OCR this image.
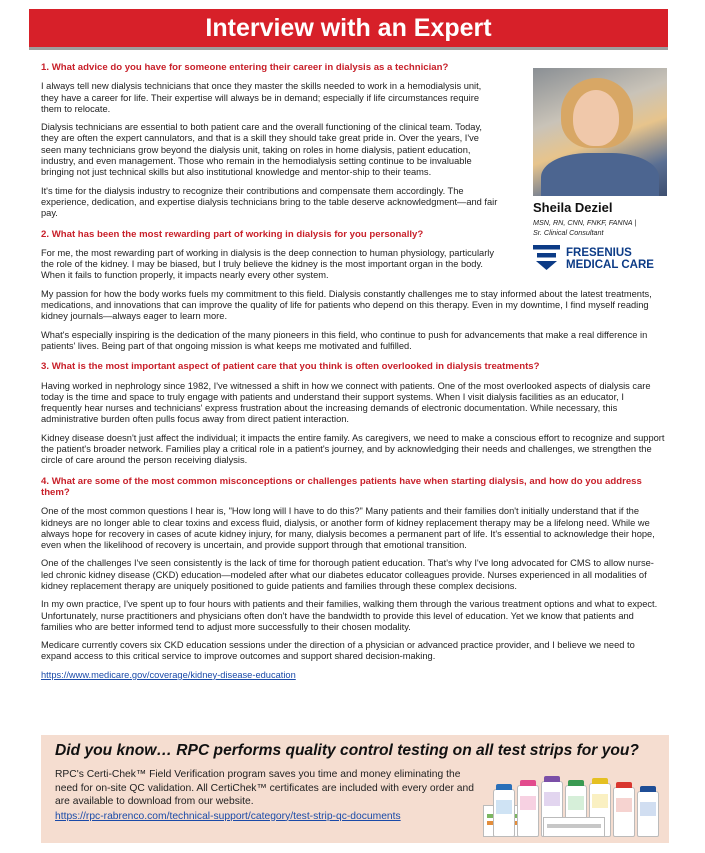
Interview with an Expert
Sheila Deziel
MSN, RN, CNN, FNKF, FANNA |
Sr. Clinical Consultant
FRESENIUS
MEDICAL CARE
1. What advice do you have for someone entering their career in dialysis as a technician?
I always tell new dialysis technicians that once they master the skills needed to work in a hemodialysis unit, they have a career for life. Their expertise will always be in demand; especially if life circumstances require them to relocate.
Dialysis technicians are essential to both patient care and the overall functioning of the clinical team. Today, they are often the expert cannulators, and that is a skill they should take great pride in. Over the years, I've seen many technicians grow beyond the dialysis unit, taking on roles in home dialysis, patient education, industry, and even management. Those who remain in the hemodialysis setting continue to be invaluable bringing not just technical skills but also institutional knowledge and mentor-ship to their teams.
It's time for the dialysis industry to recognize their contributions and compensate them accordingly. The experience, dedication, and expertise dialysis technicians bring to the table deserve acknowledgment—and fair pay.
2. What has been the most rewarding part of working in dialysis for you personally?
For me, the most rewarding part of working in dialysis is the deep connection to human physiology, particularly the role of the kidney. I may be biased, but I truly believe the kidney is the most important organ in the body. When it fails to function properly, it impacts nearly every other system.
My passion for how the body works fuels my commitment to this field. Dialysis constantly challenges me to stay informed about the latest treatments, medications, and innovations that can improve the quality of life for patients who depend on this therapy. Even in my downtime, I find myself reading kidney journals—always eager to learn more.
What's especially inspiring is the dedication of the many pioneers in this field, who continue to push for advancements that make a real difference in patients' lives. Being part of that ongoing mission is what keeps me motivated and fulfilled.
3. What is the most important aspect of patient care that you think is often overlooked in dialysis treatments?
Having worked in nephrology since 1982, I've witnessed a shift in how we connect with patients. One of the most overlooked aspects of dialysis care today is the time and space to truly engage with patients and understand their support systems. When I visit dialysis facilities as an educator, I frequently hear nurses and technicians' express frustration about the increasing demands of electronic documentation. While necessary, this administrative burden often pulls focus away from direct patient interaction.
Kidney disease doesn't just affect the individual; it impacts the entire family. As caregivers, we need to make a conscious effort to recognize and support the patient's broader network. Families play a critical role in a patient's journey, and by acknowledging their needs and challenges, we strengthen the circle of care around the person receiving dialysis.
4. What are some of the most common misconceptions or challenges patients have when starting dialysis, and how do you address them?
One of the most common questions I hear is, "How long will I have to do this?" Many patients and their families don't initially understand that if the kidneys are no longer able to clear toxins and excess fluid, dialysis, or another form of kidney replacement therapy may be a lifelong need. While we always hope for recovery in cases of acute kidney injury, for many, dialysis becomes a permanent part of life. It's essential to acknowledge their hope, even when the likelihood of recovery is uncertain, and provide support through that emotional transition.
One of the challenges I've seen consistently is the lack of time for thorough patient education. That's why I've long advocated for CMS to allow nurse-led chronic kidney disease (CKD) education—modeled after what our diabetes educator colleagues provide. Nurses experienced in all modalities of kidney replacement therapy are uniquely positioned to guide patients and families through these complex decisions.
In my own practice, I've spent up to four hours with patients and their families, walking them through the various treatment options and what to expect. Unfortunately, nurse practitioners and physicians often don't have the bandwidth to provide this level of education. Yet we know that patients and families who are better informed tend to adjust more successfully to their chosen modality.
Medicare currently covers six CKD education sessions under the direction of a physician or advanced practice provider, and I believe we need to expand access to this critical service to improve outcomes and support shared decision-making.
https://www.medicare.gov/coverage/kidney-disease-education
Did you know… RPC performs quality control testing on all test strips for you?
RPC's Certi-Chek™ Field Verification program saves you time and money eliminating the need for on-site QC validation. All CertiChek™ certificates are included with every order and are available to download from our website.
https://rpc-rabrenco.com/technical-support/category/test-strip-qc-documents
